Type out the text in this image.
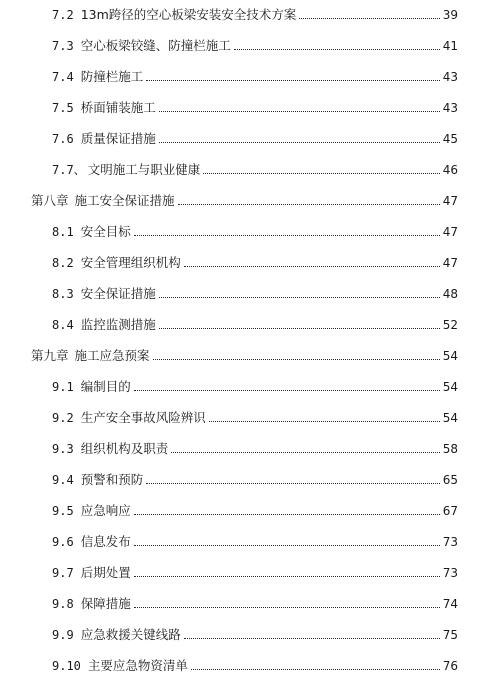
7.2 13m跨径的空心板梁安装安全技术方案	39
7.3 空心板梁铰缝、防撞栏施工	41
7.4 防撞栏施工	43
7.5 桥面铺装施工	43
7.6 质量保证措施	45
7.7、 文明施工与职业健康	46
第八章 施工安全保证措施	47
8.1 安全目标	47
8.2 安全管理组织机构	47
8.3 安全保证措施	48
8.4 监控监测措施	52
第九章 施工应急预案	54
9.1 编制目的	54
9.2 生产安全事故风险辨识	54
9.3 组织机构及职责	58
9.4 预警和预防	65
9.5 应急响应	67
9.6 信息发布	73
9.7 后期处置	73
9.8 保障措施	74
9.9 应急救援关键线路	75
9.10 主要应急物资清单	76
